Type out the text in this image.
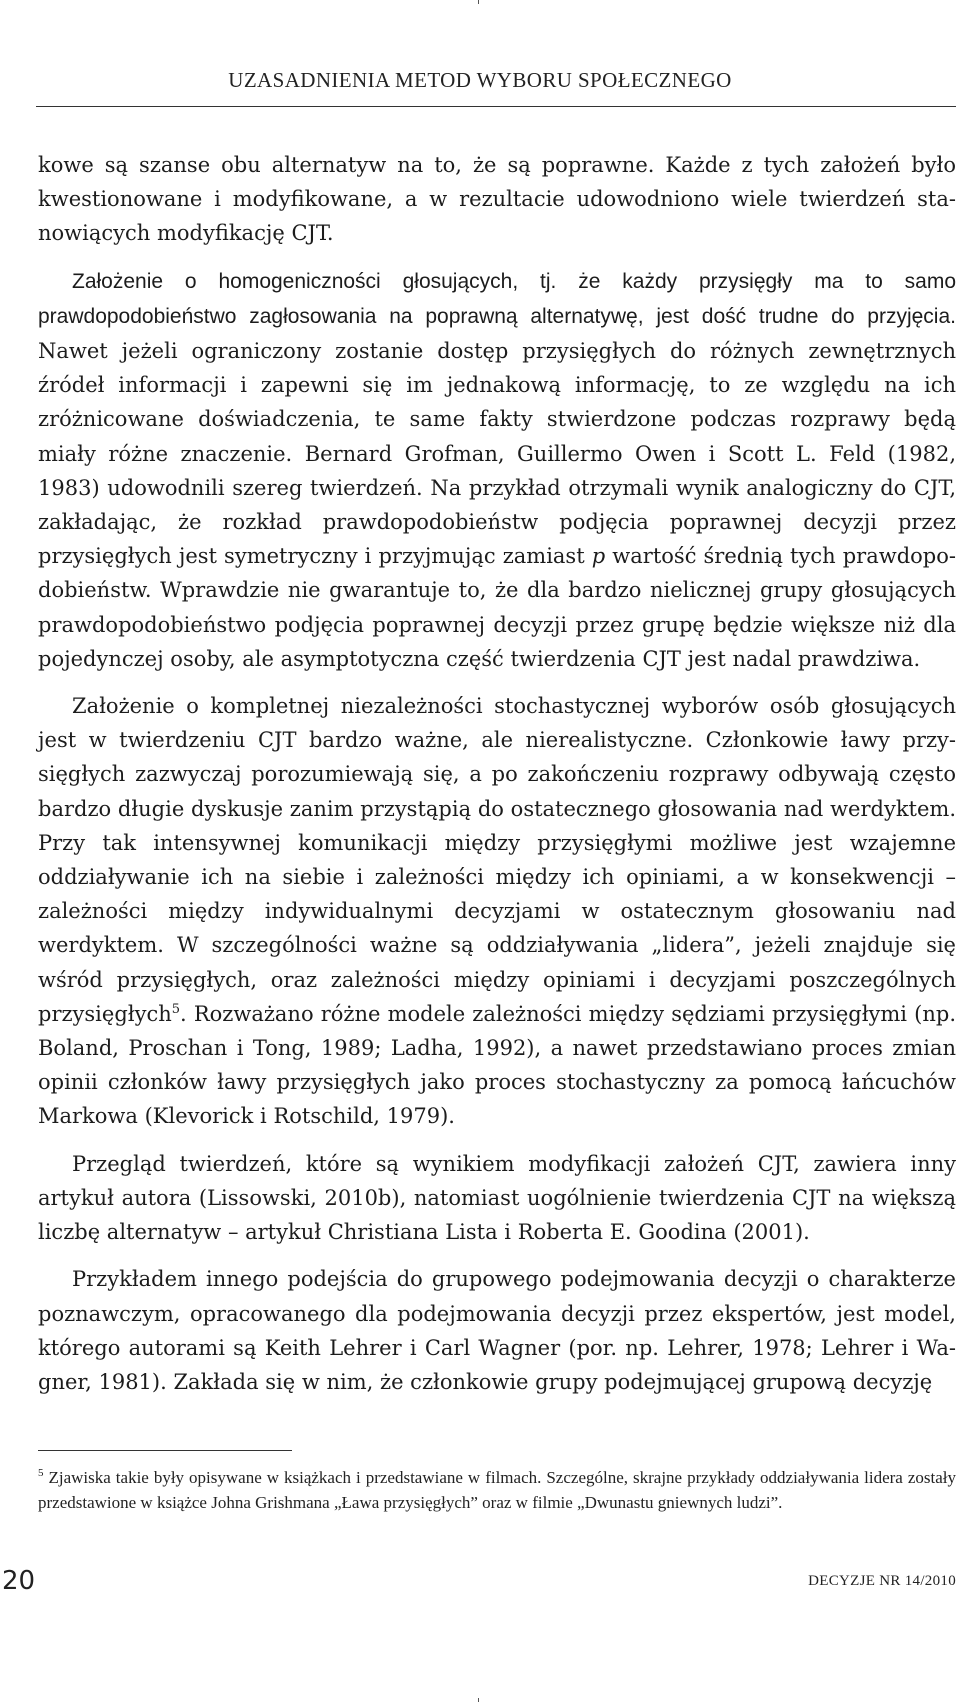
UZASADNIENIA METOD WYBORU SPOŁECZNEGO

kowe są szanse obu alternatyw na to, że są poprawne. Każde z tych założeń było kwestionowane i modyfikowane, a w rezultacie udowodniono wiele twierdzeń stanowiących modyfikację CJT.

Założenie o homogeniczności głosujących, tj. że każdy przysięgły ma to samo prawdopodobieństwo zagłosowania na poprawną alternatywę, jest dość trudne do przyjęcia. Nawet jeżeli ograniczony zostanie dostęp przysięgłych do różnych zewnętrznych źródeł informacji i zapewni się im jednakową informację, to ze względu na ich zróżnicowane doświadczenia, te same fakty stwierdzone podczas rozprawy będą miały różne znaczenie. Bernard Grofman, Guillermo Owen i Scott L. Feld (1982, 1983) udowodnili szereg twierdzeń. Na przykład otrzymali wynik analogiczny do CJT, zakładając, że rozkład prawdopodobieństw podjęcia poprawnej decyzji przez przysięgłych jest symetryczny i przyjmując zamiast p wartość średnią tych prawdopodobieństw. Wprawdzie nie gwarantuje to, że dla bardzo nielicznej grupy głosujących prawdopodobieństwo podjęcia poprawnej decyzji przez grupę będzie większe niż dla pojedynczej osoby, ale asymptotyczna część twierdzenia CJT jest nadal prawdziwa.

Założenie o kompletnej niezależności stochastycznej wyborów osób głosujących jest w twierdzeniu CJT bardzo ważne, ale nierealistyczne. Członkowie ławy przysięgłych zazwyczaj porozumiewają się, a po zakończeniu rozprawy odbywają często bardzo długie dyskusje zanim przystąpią do ostatecznego głosowania nad werdyktem. Przy tak intensywnej komunikacji między przysięgłymi możliwe jest wzajemne oddziaływanie ich na siebie i zależności między ich opiniami, a w konsekwencji – zależności między indywidualnymi decyzjami w ostatecznym głosowaniu nad werdyktem. W szczególności ważne są oddziaływania „lidera”, jeżeli znajduje się wśród przysięgłych, oraz zależności między opiniami i decyzjami poszczególnych przysięgłych$^5$. Rozważano różne modele zależności między sędziami przysięgłymi (np. Boland, Proschan i Tong, 1989; Ladha, 1992), a nawet przedstawiano proces zmian opinii członków ławy przysięgłych jako proces stochastyczny za pomocą łańcuchów Markowa (Klevorick i Rotschild, 1979).

Przegląd twierdzeń, które są wynikiem modyfikacji założeń CJT, zawiera inny artykuł autora (Lissowski, 2010b), natomiast uogólnienie twierdzenia CJT na większą liczbę alternatyw – artykuł Christiana Lista i Roberta E. Goodina (2001).

Przykładem innego podejścia do grupowego podejmowania decyzji o charakterze poznawczym, opracowanego dla podejmowania decyzji przez ekspertów, jest model, którego autorami są Keith Lehrer i Carl Wagner (por. np. Lehrer, 1978; Lehrer i Wagner, 1981). Zakłada się w nim, że członkowie grupy podejmującej grupową decyzję

$^5$ Zjawiska takie były opisywane w książkach i przedstawiane w filmach. Szczególne, skrajne przykłady oddziaływania lidera zostały przedstawione w książce Johna Grishmana „Ława przysięgłych” oraz w filmie „Dwunastu gniewnych ludzi”.
20	DECYZJE NR 14/2010
